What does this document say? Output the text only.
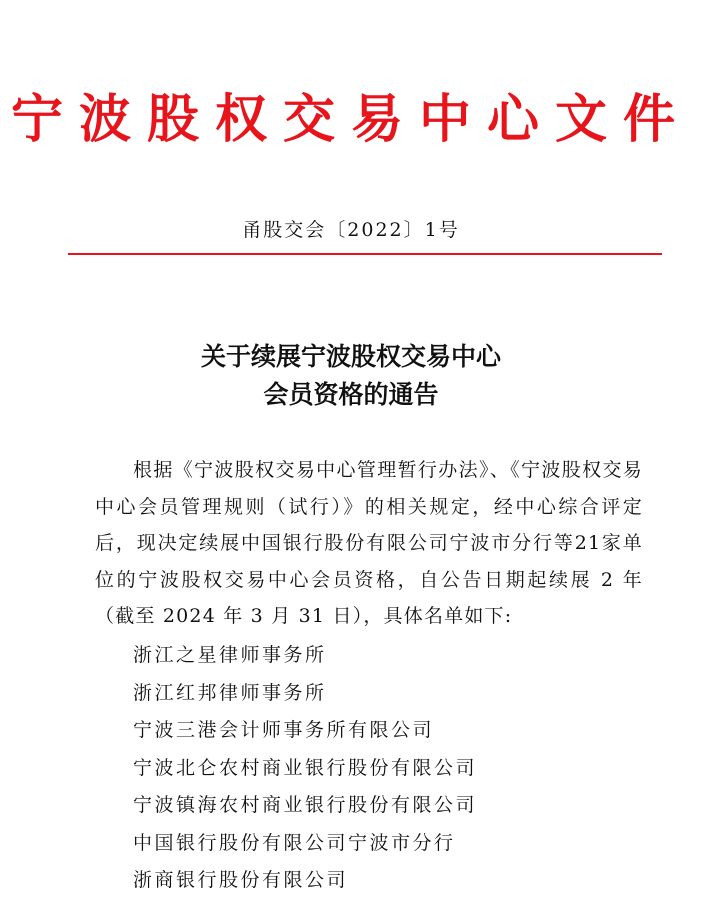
宁波股权交易中心文件
甬股交会〔2022〕1号
关于续展宁波股权交易中心
会员资格的通告

根据《宁波股权交易中心管理暂行办法》、《宁波股权交易中心会员管理规则（试行）》的相关规定，经中心综合评定后，现决定续展中国银行股份有限公司宁波市分行等21家单位的宁波股权交易中心会员资格，自公告日期起续展 2 年（截至 2024 年 3 月 31 日），具体名单如下:

浙江之星律师事务所
浙江红邦律师事务所
宁波三港会计师事务所有限公司
宁波北仑农村商业银行股份有限公司
宁波镇海农村商业银行股份有限公司
中国银行股份有限公司宁波市分行
浙商银行股份有限公司
